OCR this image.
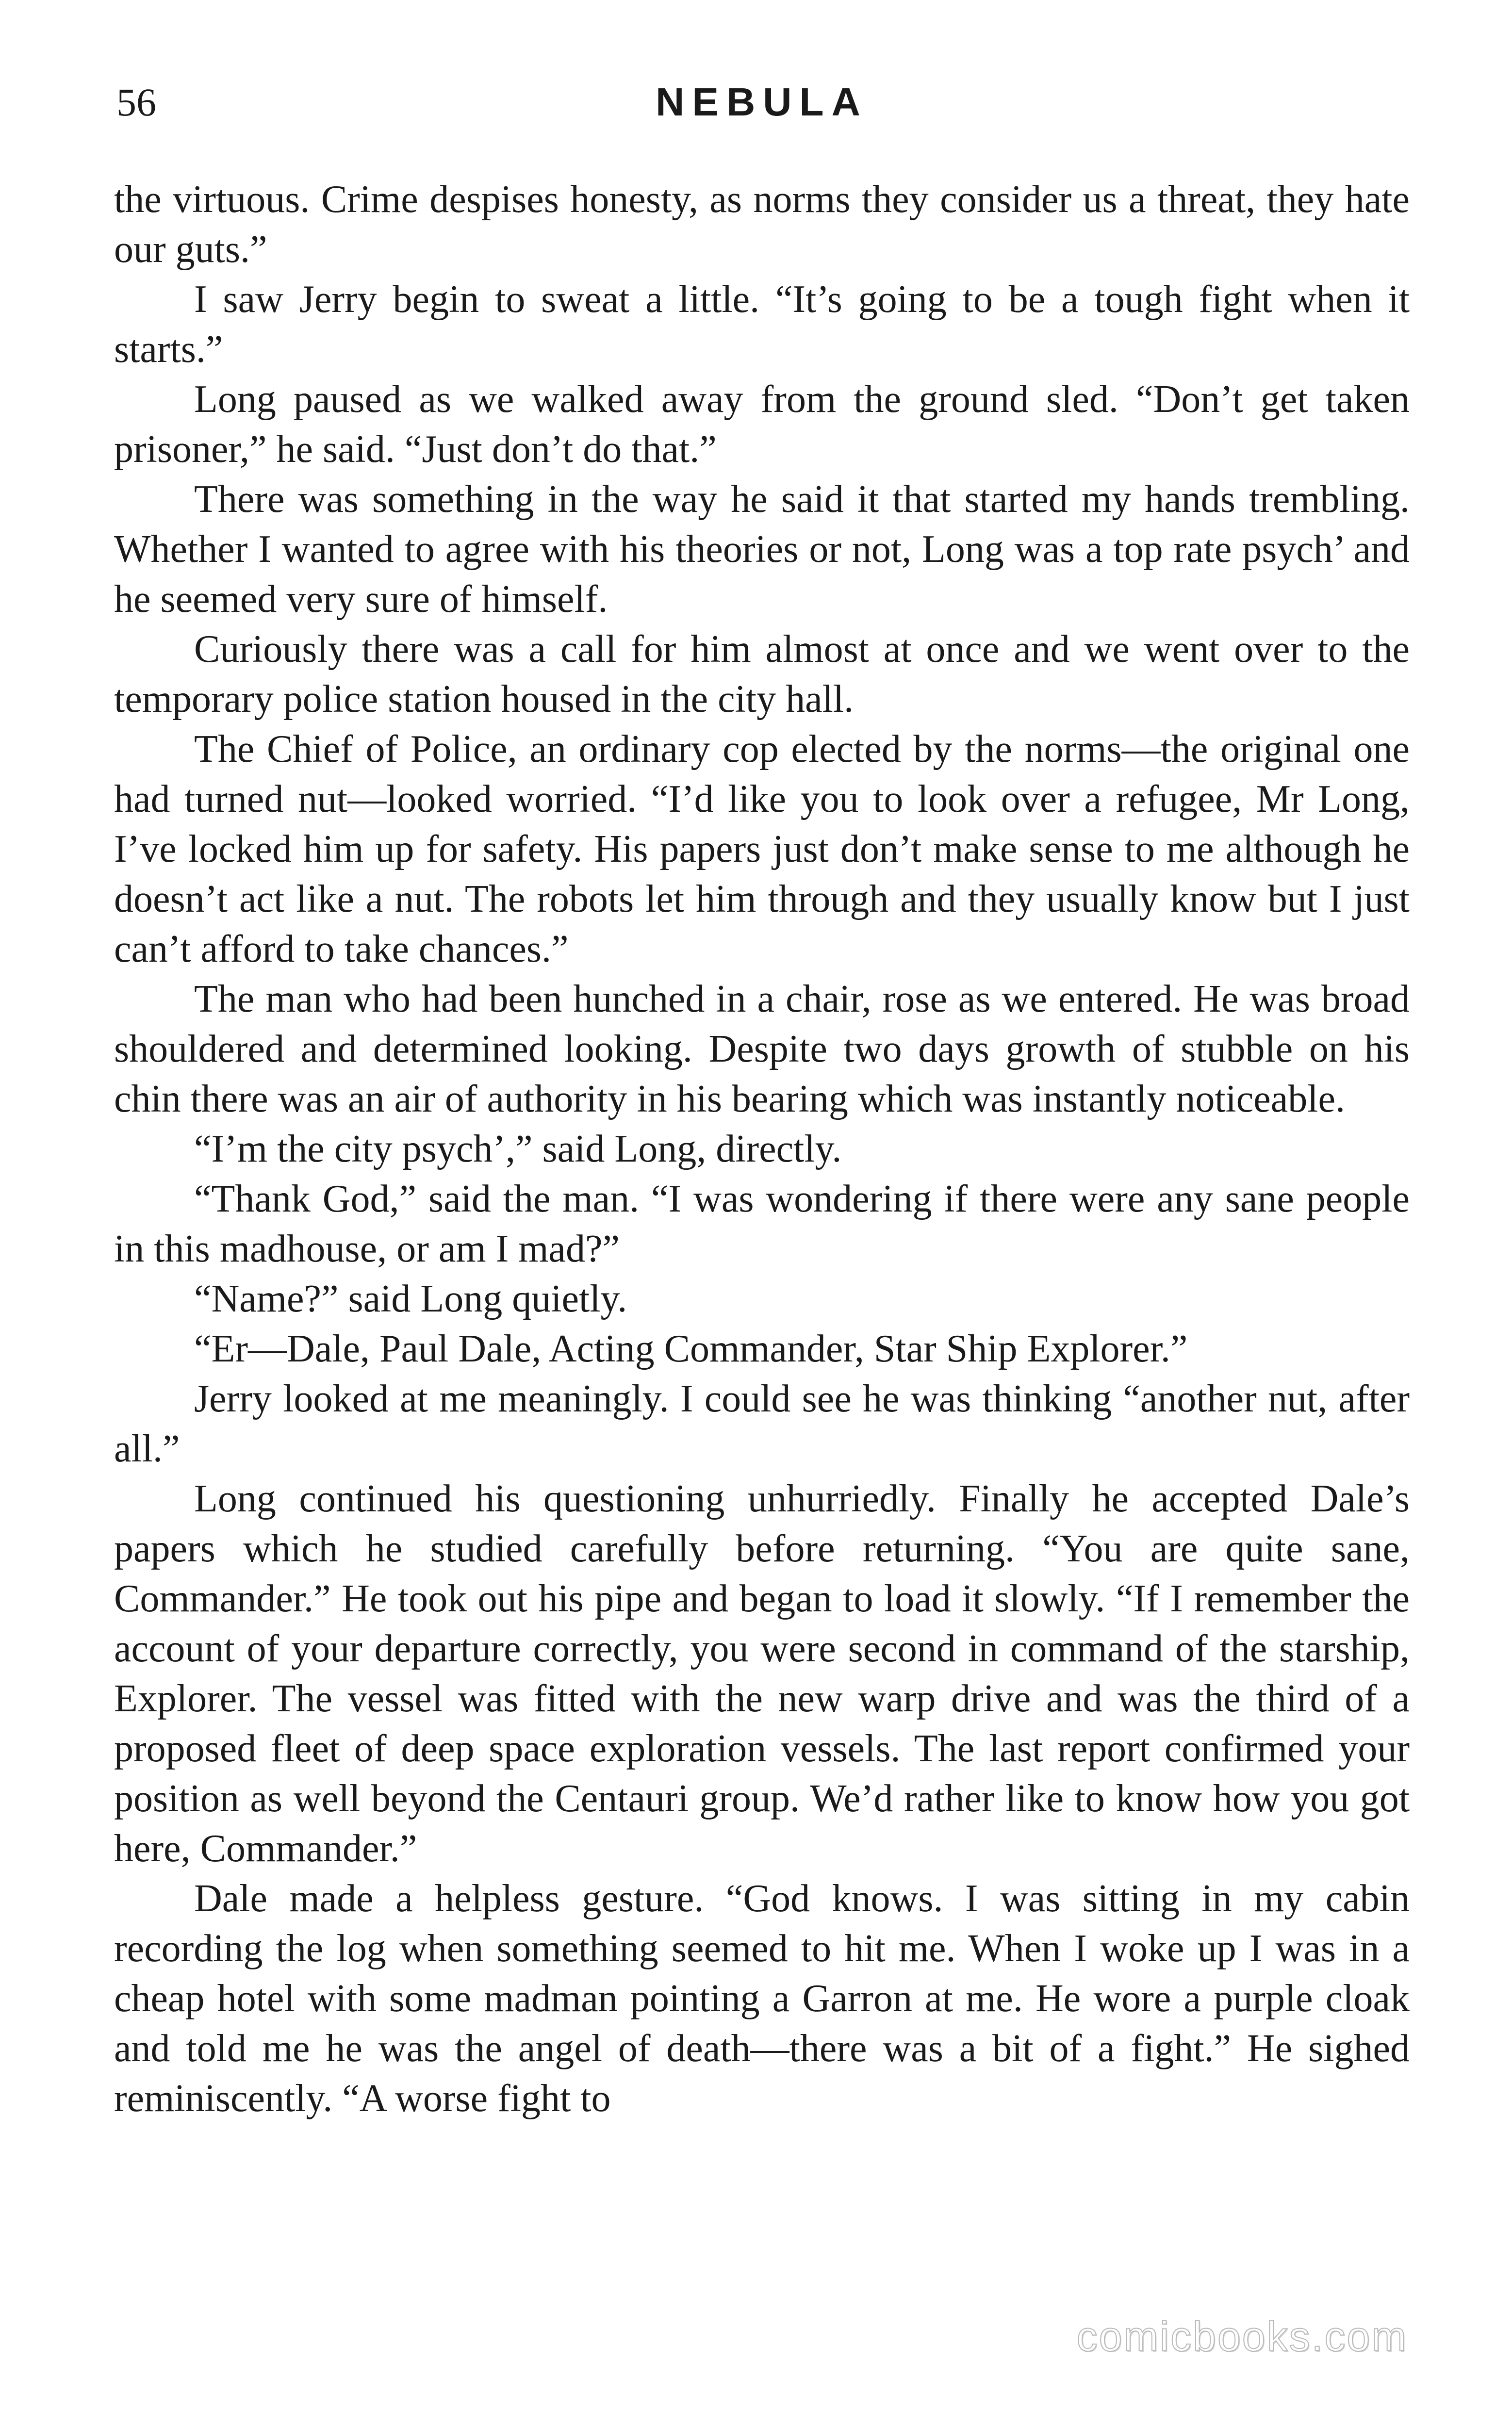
56	NEBULA

the virtuous. Crime despises honesty, as norms they consider us a threat, they hate our guts.”

I saw Jerry begin to sweat a little. “It’s going to be a tough fight when it starts.”

Long paused as we walked away from the ground sled. “Don’t get taken prisoner,” he said. “Just don’t do that.”

There was something in the way he said it that started my hands trembling. Whether I wanted to agree with his theories or not, Long was a top rate psych’ and he seemed very sure of himself.

Curiously there was a call for him almost at once and we went over to the temporary police station housed in the city hall.

The Chief of Police, an ordinary cop elected by the norms—the original one had turned nut—looked worried. “I’d like you to look over a refugee, Mr Long, I’ve locked him up for safety. His papers just don’t make sense to me although he doesn’t act like a nut. The robots let him through and they usually know but I just can’t afford to take chances.”

The man who had been hunched in a chair, rose as we entered. He was broad shouldered and determined looking. Despite two days growth of stubble on his chin there was an air of authority in his bearing which was instantly noticeable.

“I’m the city psych’,” said Long, directly.

“Thank God,” said the man. “I was wondering if there were any sane people in this madhouse, or am I mad?”

“Name?” said Long quietly.

“Er—Dale, Paul Dale, Acting Commander, Star Ship Explorer.”

Jerry looked at me meaningly. I could see he was thinking “another nut, after all.”

Long continued his questioning unhurriedly. Finally he accepted Dale’s papers which he studied carefully before returning. “You are quite sane, Commander.” He took out his pipe and began to load it slowly. “If I remember the account of your departure correctly, you were second in command of the starship, Explorer. The vessel was fitted with the new warp drive and was the third of a proposed fleet of deep space exploration vessels. The last report confirmed your position as well beyond the Centauri group. We’d rather like to know how you got here, Commander.”

Dale made a helpless gesture. “God knows. I was sitting in my cabin recording the log when something seemed to hit me. When I woke up I was in a cheap hotel with some madman pointing a Garron at me. He wore a purple cloak and told me he was the angel of death—there was a bit of a fight.” He sighed reminiscently. “A worse fight to

comicbooks.com
